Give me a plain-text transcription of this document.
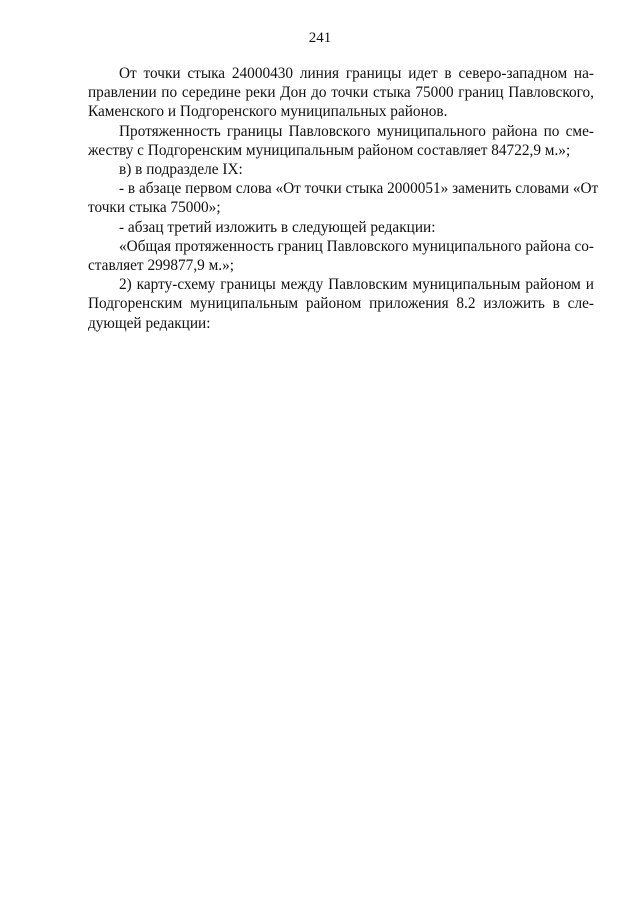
241

От точки стыка 24000430 линия границы идет в северо-западном на-
правлении по середине реки Дон до точки стыка 75000 границ Павловского,
Каменского и Подгоренского муниципальных районов.

Протяженность границы Павловского муниципального района по сме-
жеству с Подгоренским муниципальным районом составляет 84722,9 м.»;

в) в подразделе IX:

- в абзаце первом слова «От точки стыка 2000051» заменить словами «От
точки стыка 75000»;

- абзац третий изложить в следующей редакции:

«Общая протяженность границ Павловского муниципального района со-
ставляет 299877,9 м.»;

2) карту-схему границы между Павловским муниципальным районом и
Подгоренским муниципальным районом приложения 8.2 изложить в сле-
дующей редакции:
